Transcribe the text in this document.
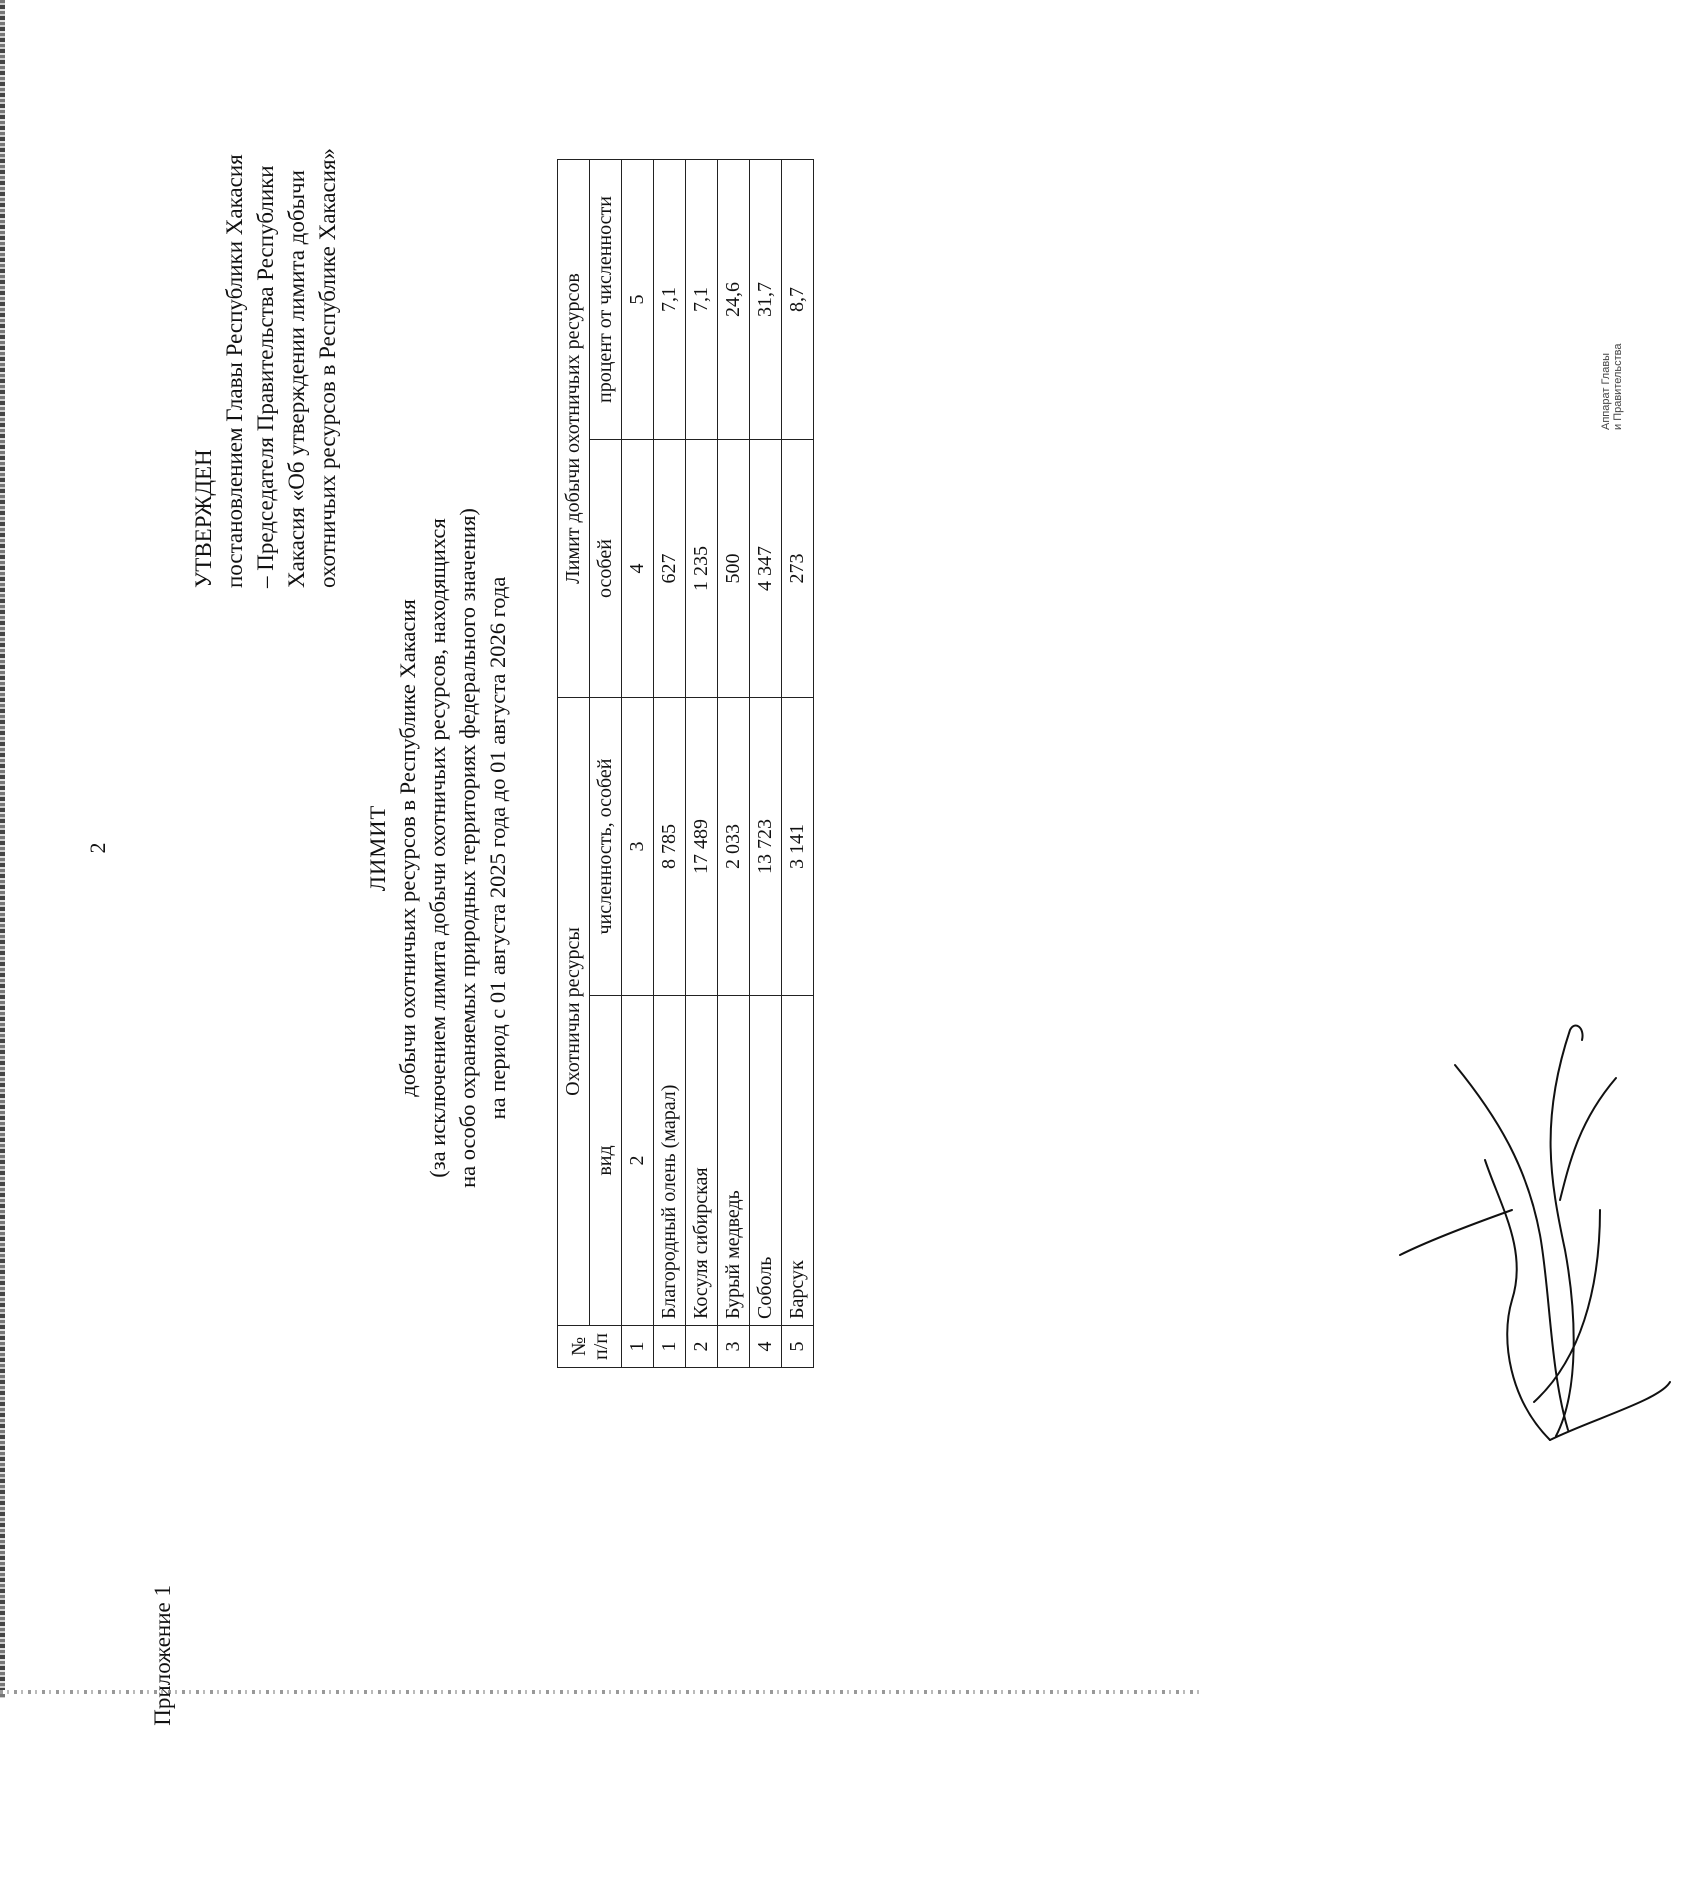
2
Приложение 1
УТВЕРЖДЕН постановлением Главы Республики Хакасия – Председателя Правительства Республики Хакасия «Об утверждении лимита добычи охотничьих ресурсов в Республике Хакасия»
ЛИМИТ добычи охотничьих ресурсов в Республике Хакасия (за исключением лимита добычи охотничьих ресурсов, находящихся на особо охраняемых природных территориях федерального значения) на период с 01 августа 2025 года до 01 августа 2026 года
№ п/п	Охотничьи ресурсы		Лимит добычи охотничьих ресурсов	
	вид	численность, особей	особей	процент от численности
1	2	3	4	5
1	Благородный олень (марал)	8 785	627	7,1
2	Косуля сибирская	17 489	1 235	7,1
3	Бурый медведь	2 033	500	24,6
4	Соболь	13 723	4 347	31,7
5	Барсук	3 141	273	8,7
Аппарат Главы и Правительства
